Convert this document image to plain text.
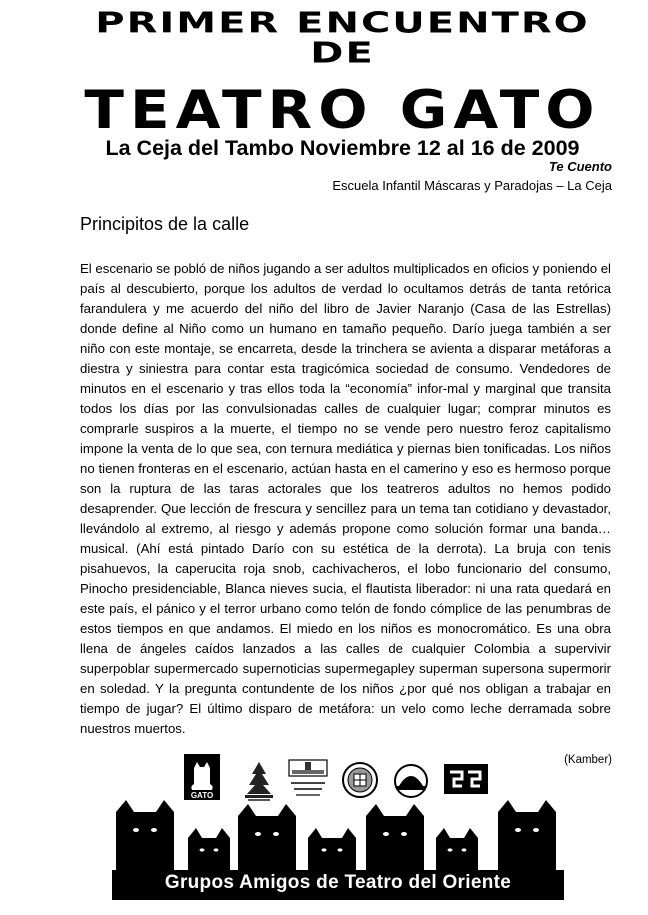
PRIMER ENCUENTRO DE
TEATRO GATO
La Ceja del Tambo Noviembre 12 al 16 de 2009
Te Cuento
Escuela Infantil Máscaras y Paradojas – La Ceja
Principitos de la calle
El escenario se pobló de niños jugando a ser adultos multiplicados en oficios y poniendo el país al descubierto, porque los adultos de verdad lo ocultamos detrás de tanta retórica farandulera y me acuerdo del niño del libro de Javier Naranjo (Casa de las Estrellas) donde define al Niño como un humano en tamaño pequeño. Darío juega también a ser niño con este montaje, se encarreta, desde la trinchera se avienta a disparar metáforas a diestra y siniestra para contar esta tragicómica sociedad de consumo. Vendedores de minutos en el escenario y tras ellos toda la “economía” infor-mal y marginal que transita todos los días por las convulsionadas calles de cualquier lugar; comprar minutos es comprarle suspiros a la muerte, el tiempo no se vende pero nuestro feroz capitalismo impone la venta de lo que sea, con ternura mediática y piernas bien tonificadas. Los niños no tienen fronteras en el escenario, actúan hasta en el camerino y eso es hermoso porque son la ruptura de las taras actorales que los teatreros adultos no hemos podido desaprender. Que lección de frescura y sencillez para un tema tan cotidiano y devastador, llevándolo al extremo, al riesgo y además propone como solución formar una banda… musical. (Ahí está pintado Darío con su estética de la derrota). La bruja con tenis pisahuevos, la caperucita roja snob, cachivacheros, el lobo funcionario del consumo, Pinocho presidenciable, Blanca nieves sucia, el flautista liberador: ni una rata quedará en este país, el pánico y el terror urbano como telón de fondo cómplice de las penumbras de estos tiempos en que andamos. El miedo en los niños es monocromático. Es una obra llena de ángeles caídos lanzados a las calles de cualquier Colombia a supervivir superpoblar supermercado supernoticias supermegapley superman supersona supermorir en soledad. Y la pregunta contundente de los niños ¿por qué nos obligan a trabajar en tiempo de jugar? El último disparo de metáfora: un velo como leche derramada sobre nuestros muertos.
(Kamber)
GATO
Grupos Amigos de Teatro del Oriente
